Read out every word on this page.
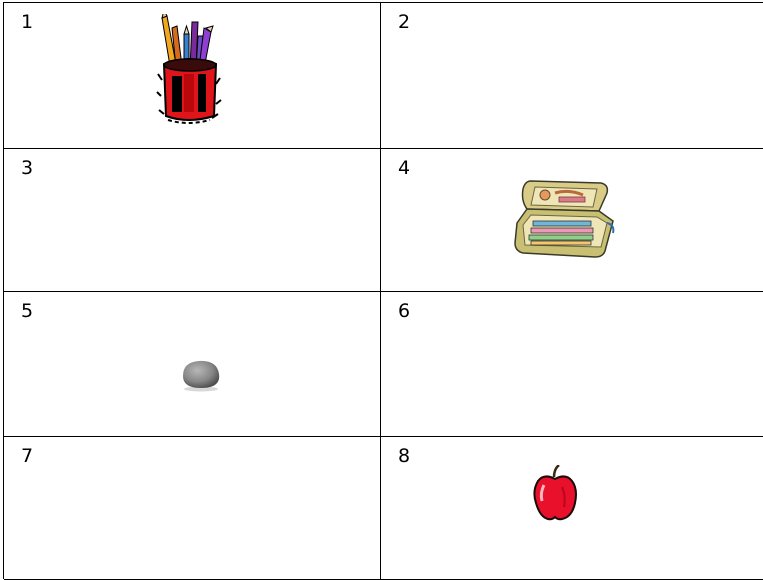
1	2
3	4
5	6
7	8
